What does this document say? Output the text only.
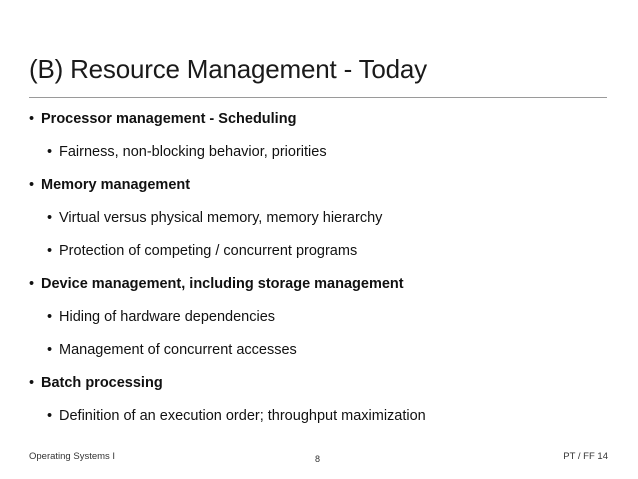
(B) Resource Management - Today
• Processor management - Scheduling
• Fairness, non-blocking behavior, priorities
• Memory management
• Virtual versus physical memory, memory hierarchy
• Protection of competing / concurrent programs
• Device management, including storage management
• Hiding of hardware dependencies
• Management of concurrent accesses
• Batch processing
• Definition of an execution order; throughput maximization
Operating Systems I	8	PT / FF 14
